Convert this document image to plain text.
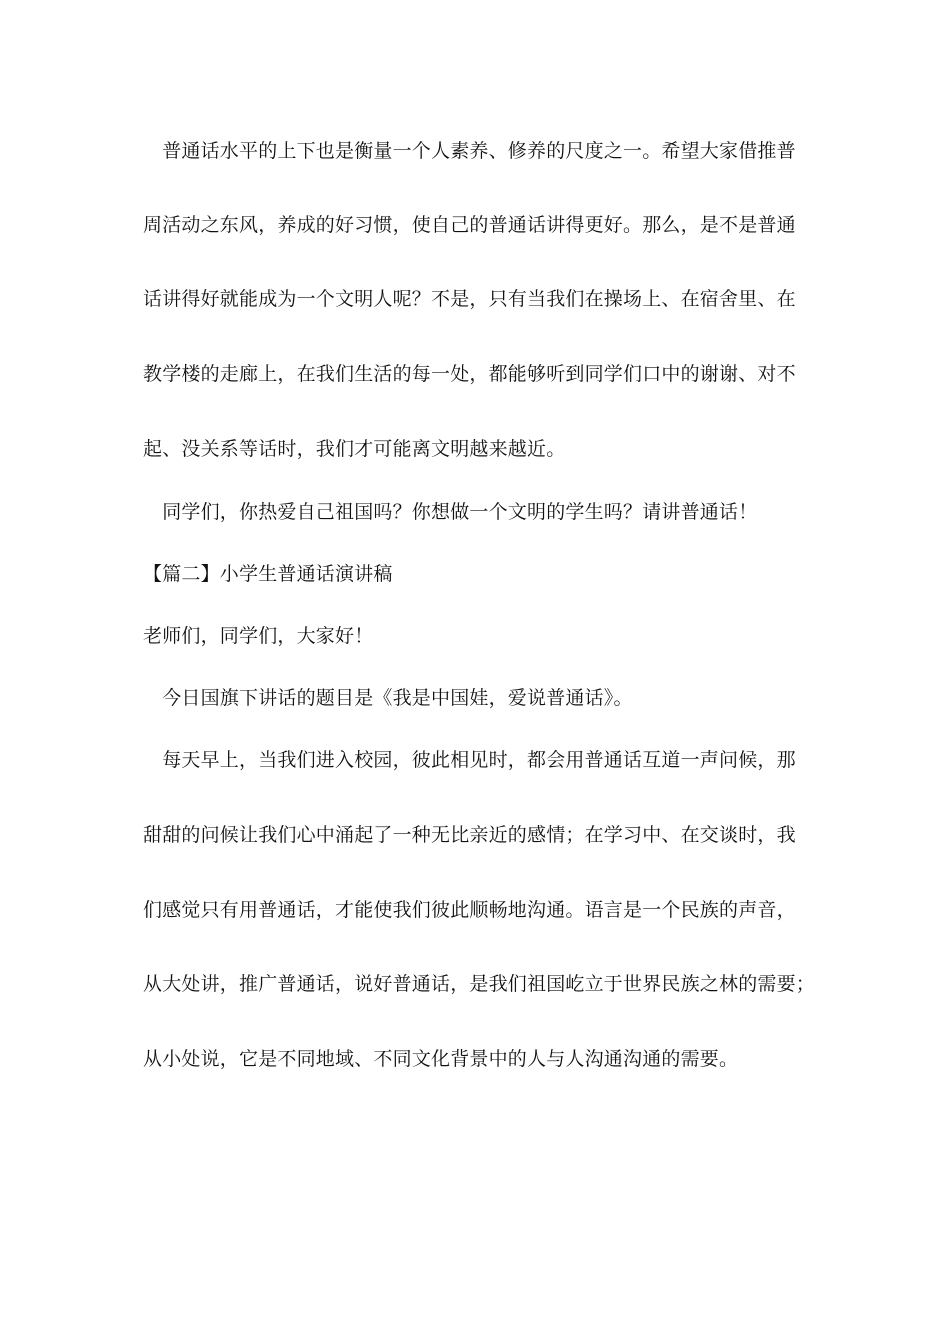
　普通话水平的上下也是衡量一个人素养、修养的尺度之一。希望大家借推普
周活动之东风，养成的好习惯，使自己的普通话讲得更好。那么，是不是普通
话讲得好就能成为一个文明人呢？不是，只有当我们在操场上、在宿舍里、在
教学楼的走廊上，在我们生活的每一处，都能够听到同学们口中的谢谢、对不
起、没关系等话时，我们才可能离文明越来越近。
　同学们，你热爱自己祖国吗？你想做一个文明的学生吗？请讲普通话！
【篇二】小学生普通话演讲稿
老师们，同学们，大家好！
　今日国旗下讲话的题目是《我是中国娃，爱说普通话》。
　每天早上，当我们进入校园，彼此相见时，都会用普通话互道一声问候，那
甜甜的问候让我们心中涌起了一种无比亲近的感情；在学习中、在交谈时，我
们感觉只有用普通话，才能使我们彼此顺畅地沟通。语言是一个民族的声音，
从大处讲，推广普通话，说好普通话，是我们祖国屹立于世界民族之林的需要；
从小处说，它是不同地域、不同文化背景中的人与人沟通沟通的需要。
